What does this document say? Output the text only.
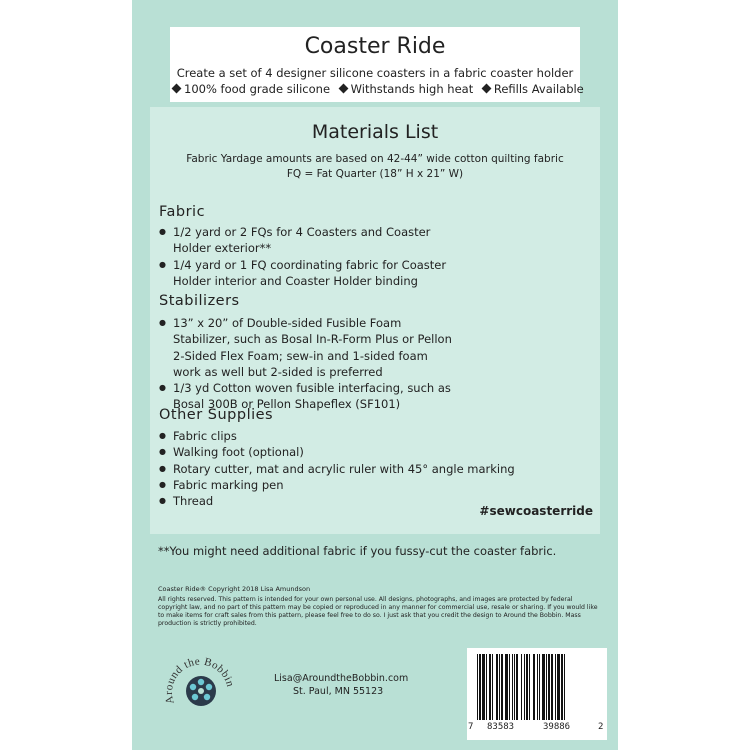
Coaster Ride
Create a set of 4 designer silicone coasters in a fabric coaster holder
100% food grade silicone Withstands high heat Refills Available
Materials List
Fabric Yardage amounts are based on 42-44” wide cotton quilting fabric
FQ = Fat Quarter (18” H x 21” W)
Fabric
● 1/2 yard or 2 FQs for 4 Coasters and Coaster Holder exterior**
● 1/4 yard or 1 FQ coordinating fabric for Coaster Holder interior and Coaster Holder binding
Stabilizers
● 13” x 20” of Double-sided Fusible Foam Stabilizer, such as Bosal In-R-Form Plus or Pellon 2-Sided Flex Foam; sew-in and 1-sided foam work as well but 2-sided is preferred
● 1/3 yd Cotton woven fusible interfacing, such as Bosal 300B or Pellon Shapeflex (SF101)
Other Supplies
● Fabric clips
● Walking foot (optional)
● Rotary cutter, mat and acrylic ruler with 45° angle marking
● Fabric marking pen
● Thread
#sewcoasterride
**You might need additional fabric if you fussy-cut the coaster fabric.
Coaster Ride® Copyright 2018 Lisa Amundson
All rights reserved. This pattern is intended for your own personal use. All designs, photographs, and images are protected by federal copyright law, and no part of this pattern may be copied or reproduced in any manner for commercial use, resale or sharing. If you would like to make items for craft sales from this pattern, please feel free to do so. I just ask that you credit the design to Around the Bobbin. Mass production is strictly prohibited.
Around the Bobbin	Lisa@AroundtheBobbin.com
St. Paul, MN 55123
7 83583	39886	2
